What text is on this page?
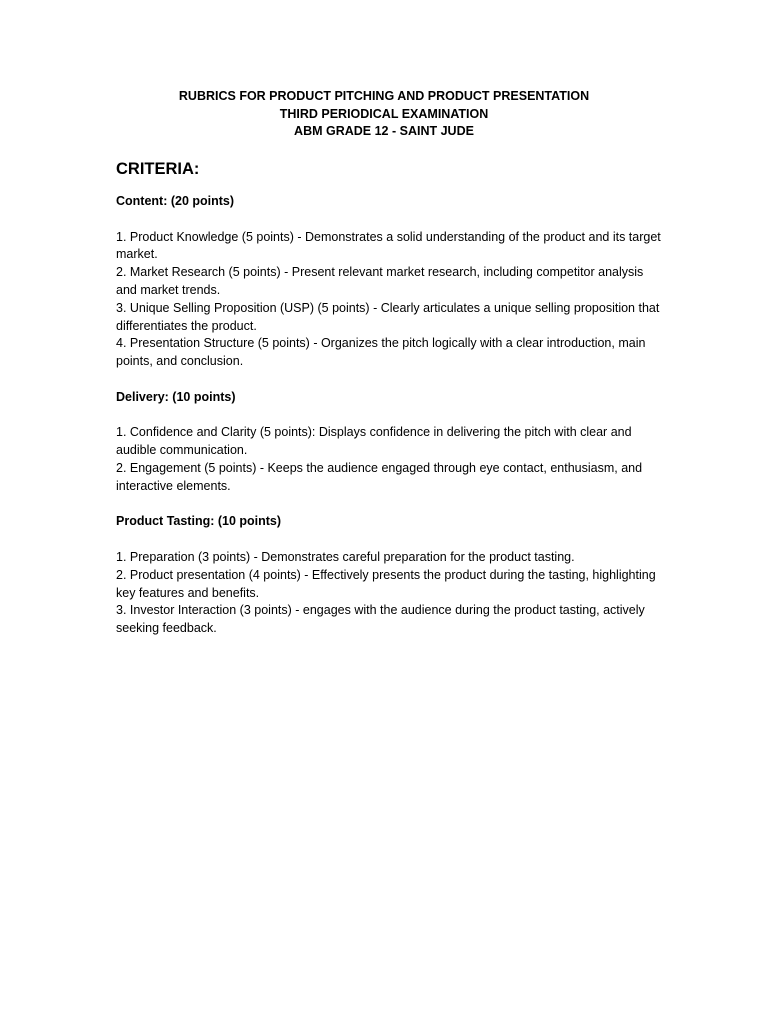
RUBRICS FOR PRODUCT PITCHING AND PRODUCT PRESENTATION
THIRD PERIODICAL EXAMINATION
ABM GRADE 12 - SAINT JUDE
CRITERIA:
Content: (20 points)
1. Product Knowledge (5 points) - Demonstrates a solid understanding of the product and its target market.
2. Market Research (5 points) - Present relevant market research, including competitor analysis and market trends.
3. Unique Selling Proposition (USP) (5 points) - Clearly articulates a unique selling proposition that differentiates the product.
4. Presentation Structure (5 points) - Organizes the pitch logically with a clear introduction, main points, and conclusion.
Delivery: (10 points)
1. Confidence and Clarity (5 points): Displays confidence in delivering the pitch with clear and audible communication.
2. Engagement (5 points) - Keeps the audience engaged through eye contact, enthusiasm, and interactive elements.
Product Tasting: (10 points)
1. Preparation (3 points) - Demonstrates careful preparation for the product tasting.
2. Product presentation (4 points) - Effectively presents the product during the tasting, highlighting key features and benefits.
3. Investor Interaction (3 points) - engages with the audience during the product tasting, actively seeking feedback.
